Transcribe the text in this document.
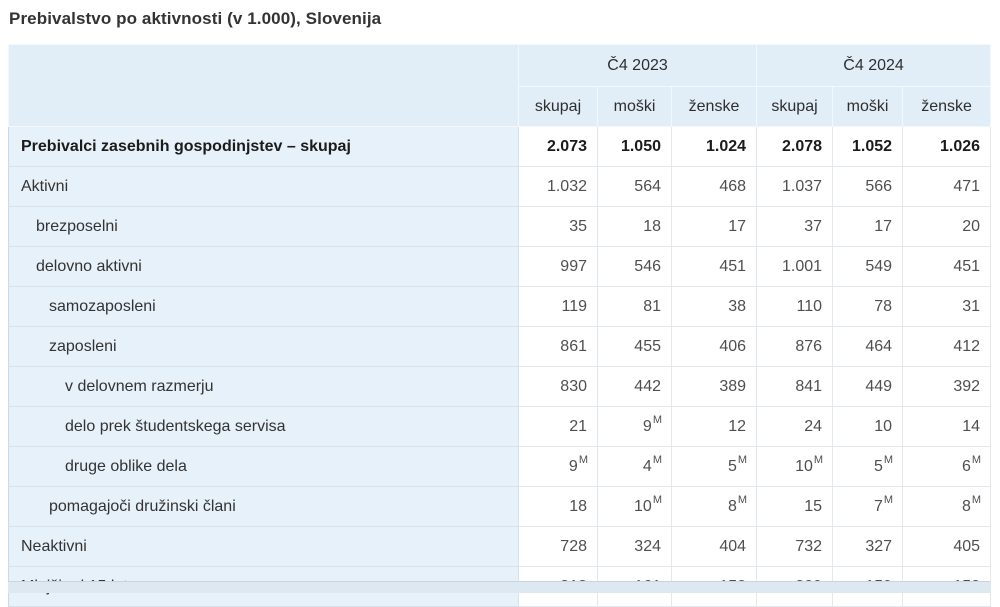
Prebivalstvo po aktivnosti (v 1.000), Slovenija
	Č4 2023			Č4 2024		
	skupaj	moški	ženske	skupaj	moški	ženske
Prebivalci zasebnih gospodinjstev – skupaj	2.073	1.050	1.024	2.078	1.052	1.026
Aktivni	1.032	564	468	1.037	566	471
brezposelni	35	18	17	37	17	20
delovno aktivni	997	546	451	1.001	549	451
samozaposleni	119	81	38	110	78	31
zaposleni	861	455	406	876	464	412
v delovnem razmerju	830	442	389	841	449	392
delo prek študentskega servisa	21	$9^M$	12	24	10	14
druge oblike dela	$9^M$	$4^M$	$5^M$	$10^M$	$5^M$	$6^M$
pomagajoči družinski člani	18	$10^M$	$8^M$	15	$7^M$	$8^M$
Neaktivni	728	324	404	732	327	405
